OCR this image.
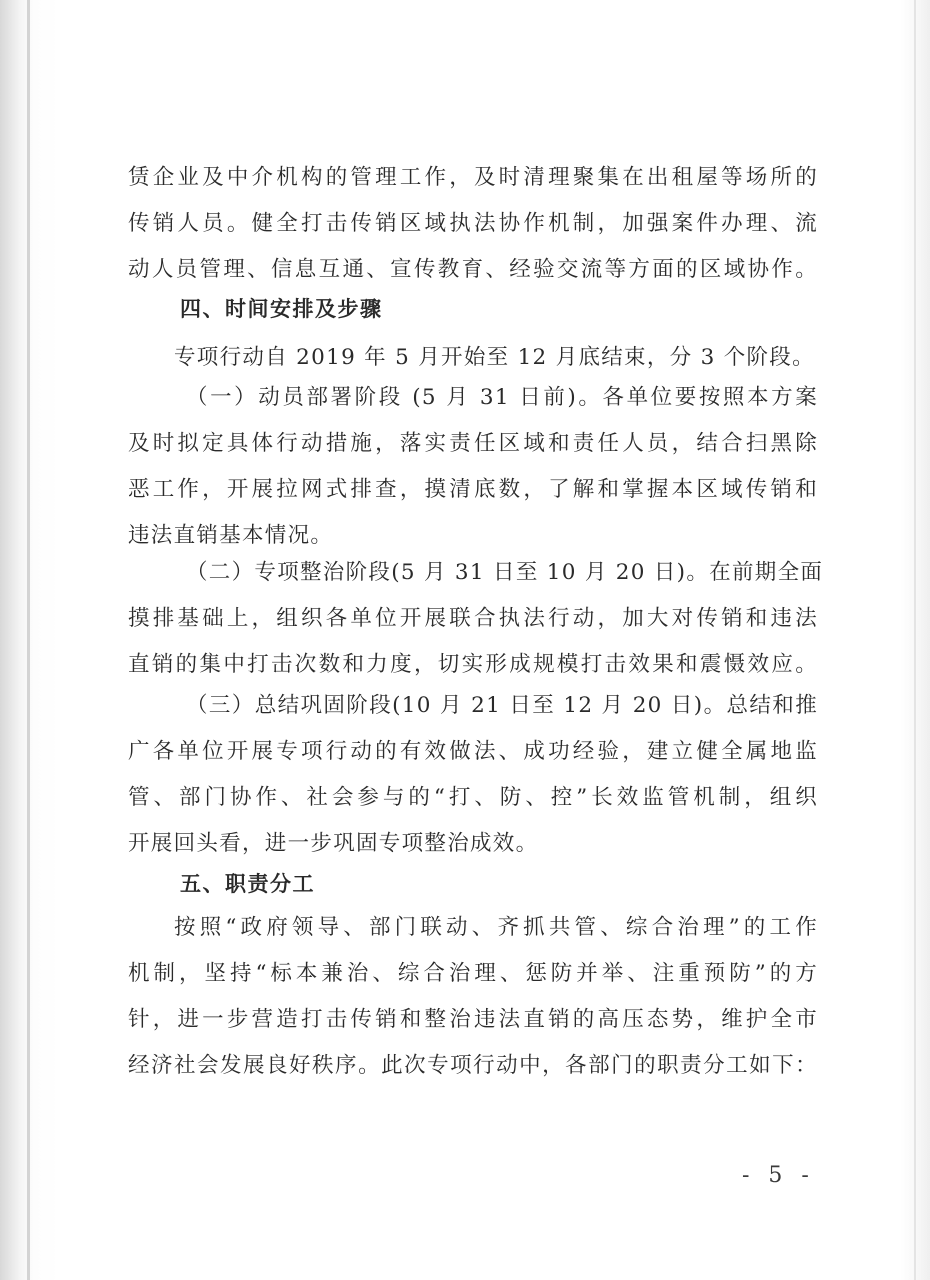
赁企业及中介机构的管理工作，及时清理聚集在出租屋等场所的
传销人员。健全打击传销区域执法协作机制，加强案件办理、流
动人员管理、信息互通、宣传教育、经验交流等方面的区域协作。
四、时间安排及步骤
专项行动自 2019 年 5 月开始至 12 月底结束，分 3 个阶段。
（一）动员部署阶段 (5 月 31 日前)。各单位要按照本方案
及时拟定具体行动措施，落实责任区域和责任人员，结合扫黑除
恶工作，开展拉网式排查，摸清底数，了解和掌握本区域传销和
违法直销基本情况。
（二）专项整治阶段(5 月 31 日至 10 月 20 日)。在前期全面
摸排基础上，组织各单位开展联合执法行动，加大对传销和违法
直销的集中打击次数和力度，切实形成规模打击效果和震慑效应。
（三）总结巩固阶段(10 月 21 日至 12 月 20 日)。总结和推
广各单位开展专项行动的有效做法、成功经验，建立健全属地监
管、部门协作、社会参与的“打、防、控”长效监管机制，组织
开展回头看，进一步巩固专项整治成效。
五、职责分工
按照“政府领导、部门联动、齐抓共管、综合治理”的工作
机制，坚持“标本兼治、综合治理、惩防并举、注重预防”的方
针，进一步营造打击传销和整治违法直销的高压态势，维护全市
经济社会发展良好秩序。此次专项行动中，各部门的职责分工如下：
- 5 -
